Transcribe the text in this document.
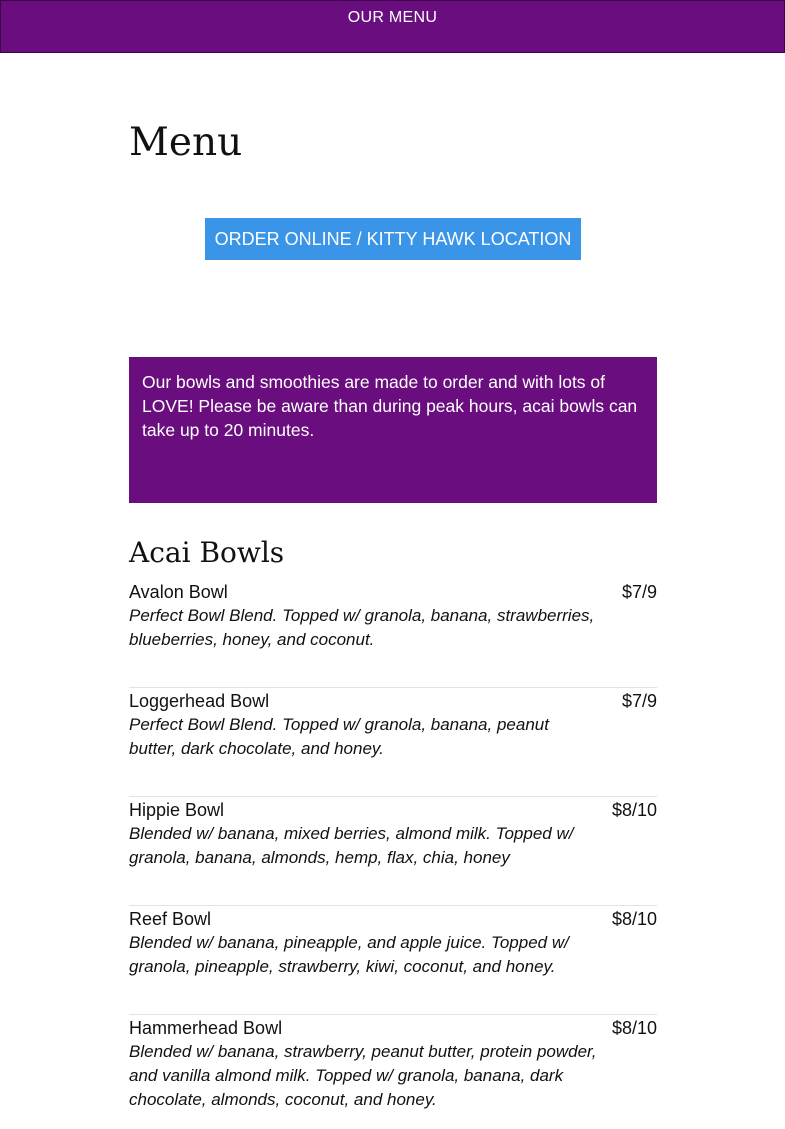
OUR MENU
Menu
ORDER ONLINE / KITTY HAWK LOCATION
Our bowls and smoothies are made to order and with lots of LOVE! Please be aware than during peak hours, acai bowls can take up to 20 minutes.
Acai Bowls
Avalon Bowl	$7/9
Perfect Bowl Blend. Topped w/ granola, banana, strawberries, blueberries, honey, and coconut.
Loggerhead Bowl	$7/9
Perfect Bowl Blend. Topped w/ granola, banana, peanut butter, dark chocolate, and honey.
Hippie Bowl	$8/10
Blended w/ banana, mixed berries, almond milk. Topped w/ granola, banana, almonds, hemp, flax, chia, honey
Reef Bowl	$8/10
Blended w/ banana, pineapple, and apple juice. Topped w/ granola, pineapple, strawberry, kiwi, coconut, and honey.
Hammerhead Bowl	$8/10
Blended w/ banana, strawberry, peanut butter, protein powder, and vanilla almond milk. Topped w/ granola, banana, dark chocolate, almonds, coconut, and honey.
